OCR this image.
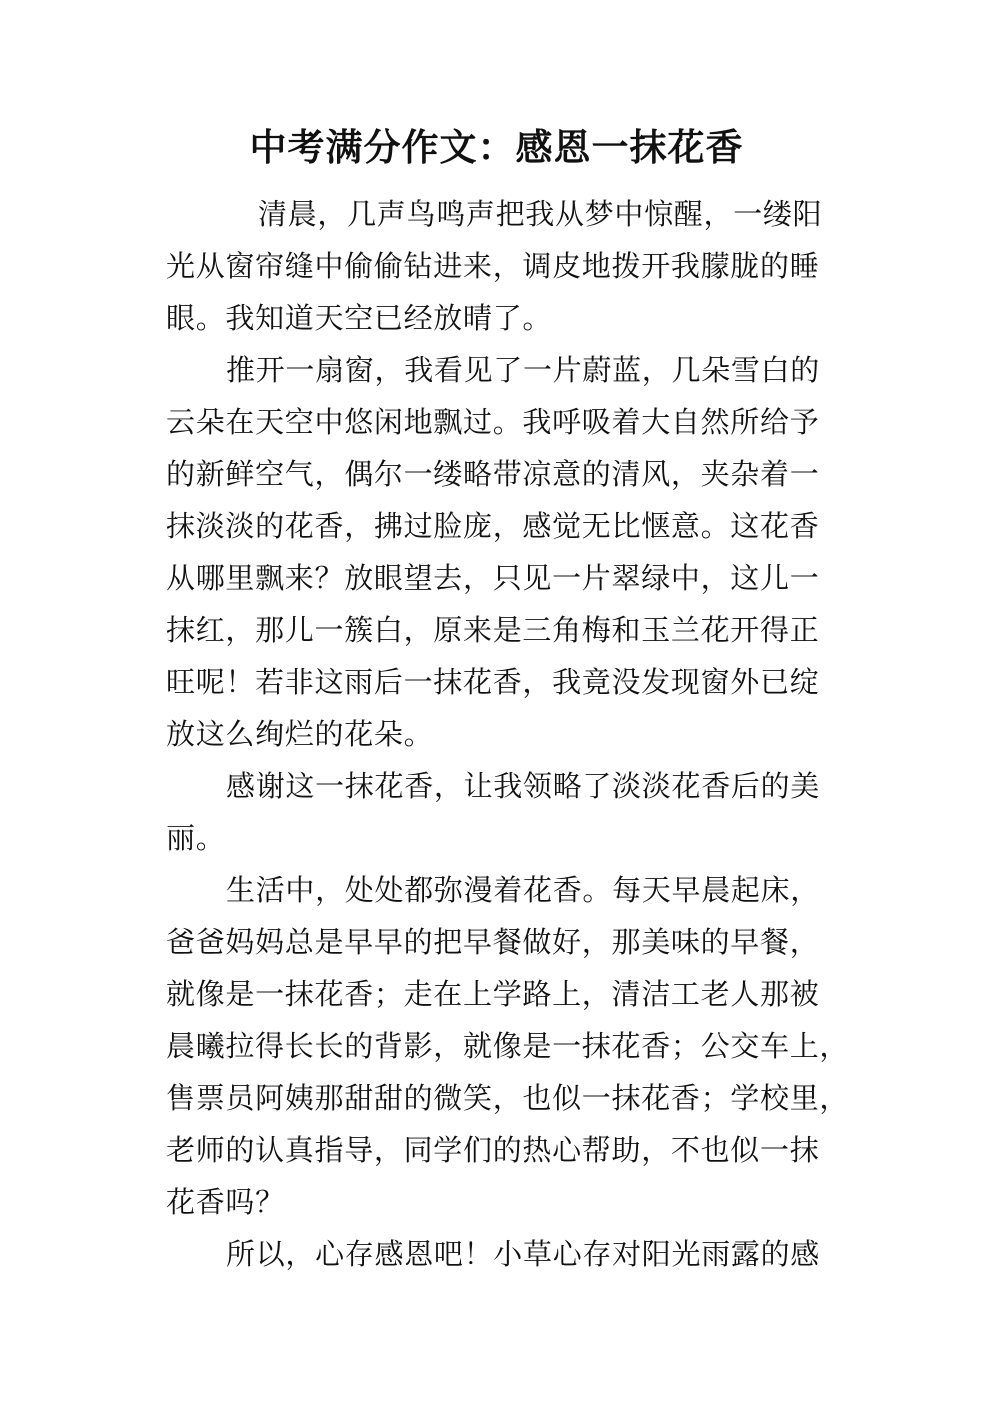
中考满分作文：感恩一抹花香
清晨，几声鸟鸣声把我从梦中惊醒，一缕阳
光从窗帘缝中偷偷钻进来，调皮地拨开我朦胧的睡
眼。我知道天空已经放晴了。
推开一扇窗，我看见了一片蔚蓝，几朵雪白的
云朵在天空中悠闲地飘过。我呼吸着大自然所给予
的新鲜空气，偶尔一缕略带凉意的清风，夹杂着一
抹淡淡的花香，拂过脸庞，感觉无比惬意。这花香
从哪里飘来？放眼望去，只见一片翠绿中，这儿一
抹红，那儿一簇白，原来是三角梅和玉兰花开得正
旺呢！若非这雨后一抹花香，我竟没发现窗外已绽
放这么绚烂的花朵。
感谢这一抹花香，让我领略了淡淡花香后的美
丽。
生活中，处处都弥漫着花香。每天早晨起床，
爸爸妈妈总是早早的把早餐做好，那美味的早餐，
就像是一抹花香；走在上学路上，清洁工老人那被
晨曦拉得长长的背影，就像是一抹花香；公交车上，
售票员阿姨那甜甜的微笑，也似一抹花香；学校里，
老师的认真指导，同学们的热心帮助，不也似一抹
花香吗？
所以，心存感恩吧！小草心存对阳光雨露的感
